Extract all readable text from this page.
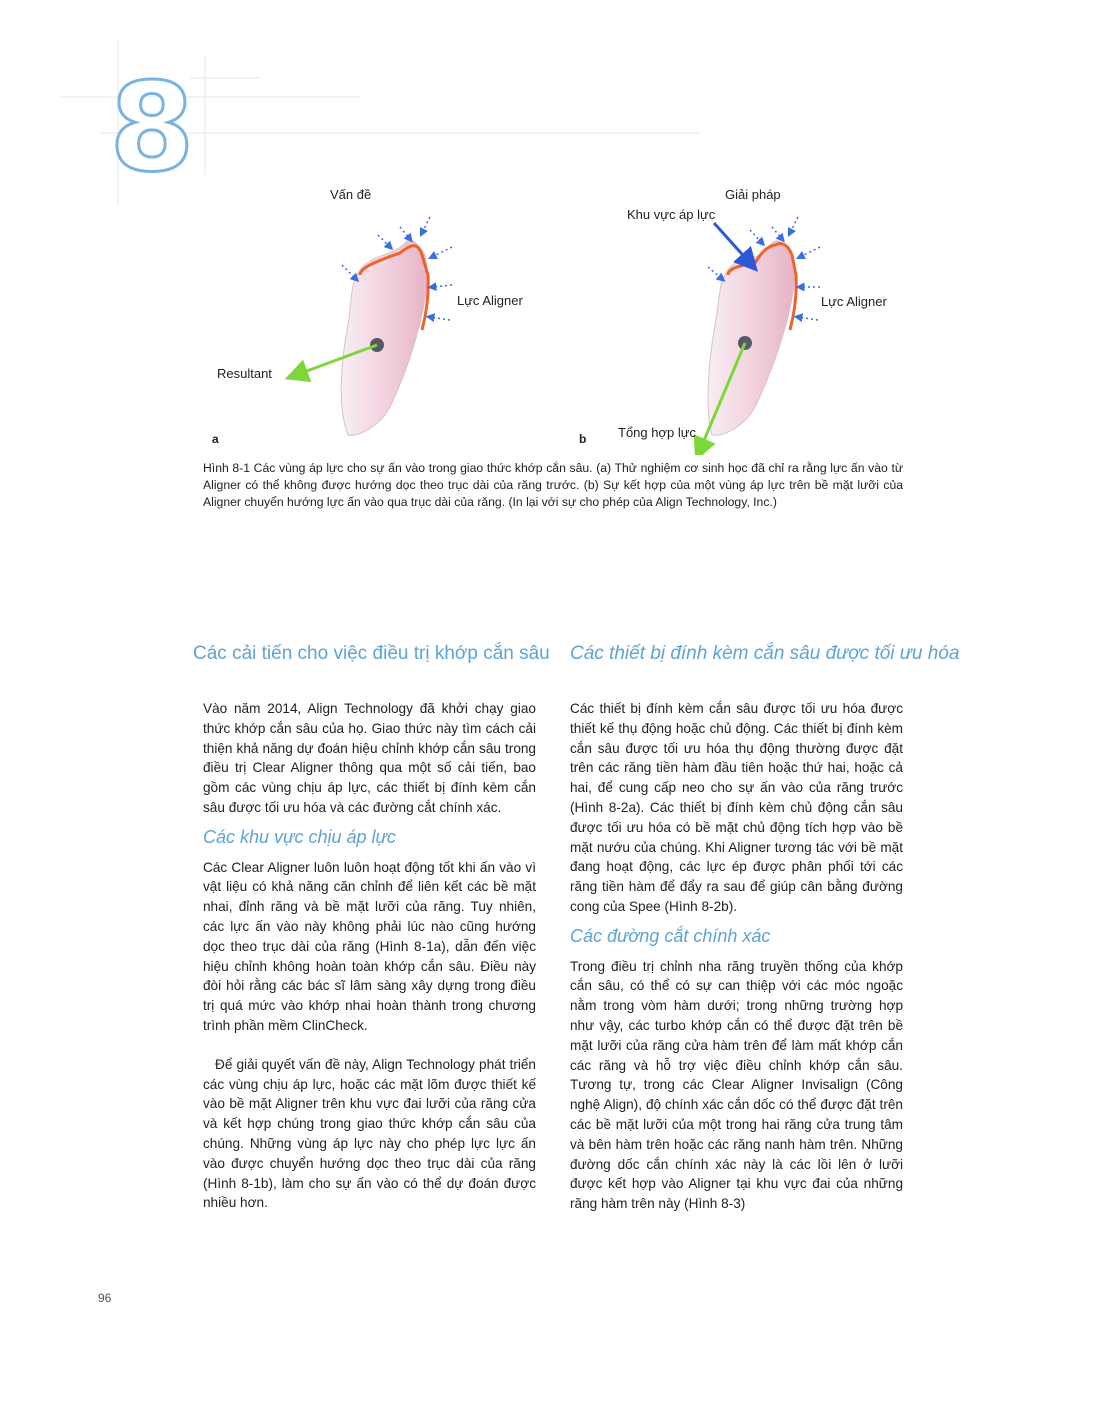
8	Vấn đề
Lực Aligner
Resultant
a
Giải pháp
Khu vực áp lực
Lực Aligner
Tổng hợp lực
b
Hình 8-1 Các vùng áp lực cho sự ấn vào trong giao thức khớp cắn sâu. (a) Thử nghiệm cơ sinh học đã chỉ ra rằng lực ấn vào từ Aligner có thể không được hướng dọc theo trục dài của răng trước. (b) Sự kết hợp của một vùng áp lực trên bề mặt lưỡi của Aligner chuyển hướng lực ấn vào qua trục dài của răng. (In lại với sự cho phép của Align Technology, Inc.)
Các cải tiến cho việc điều trị khớp cắn sâu Các thiết bị đính kèm cắn sâu được tối ưu hóa

Vào năm 2014, Align Technology đã khởi chạy giao thức khớp cắn sâu của họ. Giao thức này tìm cách cải thiện khả năng dự đoán hiệu chỉnh khớp cắn sâu trong điều trị Clear Aligner thông qua một số cải tiến, bao gồm các vùng chịu áp lực, các thiết bị đính kèm cắn sâu được tối ưu hóa và các đường cắt chính xác.

Các khu vực chịu áp lực

Các Clear Aligner luôn luôn hoạt động tốt khi ấn vào vì vật liệu có khả năng căn chỉnh để liên kết các bề mặt nhai, đỉnh răng và bề mặt lưỡi của răng. Tuy nhiên, các lực ấn vào này không phải lúc nào cũng hướng dọc theo trục dài của răng (Hình 8-1a), dẫn đến việc hiệu chỉnh không hoàn toàn khớp cắn sâu. Điều này đòi hỏi rằng các bác sĩ lâm sàng xây dựng trong điều trị quá mức vào khớp nhai hoàn thành trong chương trình phần mềm ClinCheck.

Để giải quyết vấn đề này, Align Technology phát triển các vùng chịu áp lực, hoặc các mặt lõm được thiết kế vào bề mặt Aligner trên khu vực đai lưỡi của răng cửa và kết hợp chúng trong giao thức khớp cắn sâu của chúng. Những vùng áp lực này cho phép lực lực ấn vào được chuyển hướng dọc theo trục dài của răng (Hình 8-1b), làm cho sự ấn vào có thể dự đoán được nhiều hơn.

Các thiết bị đính kèm cắn sâu được tối ưu hóa được thiết kế thụ động hoặc chủ động. Các thiết bị đính kèm cắn sâu được tối ưu hóa thụ động thường được đặt trên các răng tiền hàm đầu tiên hoặc thứ hai, hoặc cả hai, để cung cấp neo cho sự ấn vào của răng trước (Hình 8-2a). Các thiết bị đính kèm chủ động cắn sâu được tối ưu hóa có bề mặt chủ động tích hợp vào bề mặt nướu của chúng. Khi Aligner tương tác với bề mặt đang hoạt động, các lực ép được phân phối tới các răng tiền hàm để đẩy ra sau để giúp cân bằng đường cong của Spee (Hình 8-2b).

Các đường cắt chính xác

Trong điều trị chỉnh nha răng truyền thống của khớp cắn sâu, có thể có sự can thiệp với các móc ngoặc nằm trong vòm hàm dưới; trong những trường hợp như vậy, các turbo khớp cắn có thể được đặt trên bề mặt lưỡi của răng cửa hàm trên để làm mất khớp cắn các răng và hỗ trợ việc điều chỉnh khớp cắn sâu. Tương tự, trong các Clear Aligner Invisalign (Công nghệ Align), độ chính xác cắn dốc có thể được đặt trên các bề mặt lưỡi của một trong hai răng cửa trung tâm và bên hàm trên hoặc các răng nanh hàm trên. Những đường dốc cắn chính xác này là các lồi lên ở lưỡi được kết hợp vào Aligner tại khu vực đai của những răng hàm trên này (Hình 8-3)

96
